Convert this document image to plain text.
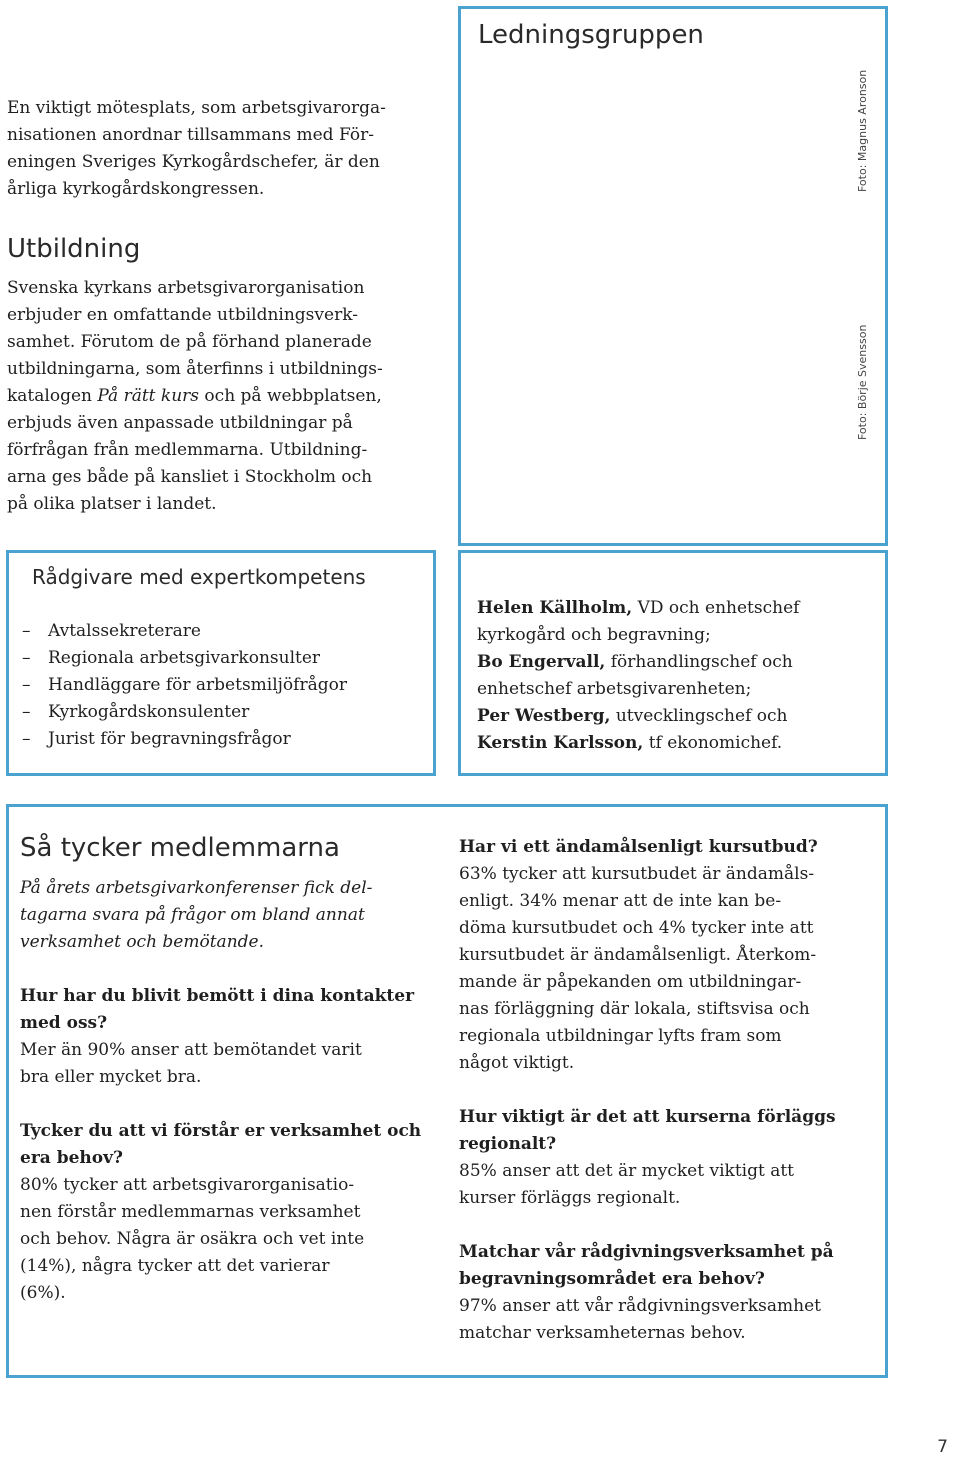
Ledningsgruppen
Foto: Magnus Aronson
Foto: Börje Svensson
En viktigt mötesplats, som arbetsgivarorga-
nisationen anordnar tillsammans med För-
eningen Sveriges Kyrkogårdschefer, är den
årliga kyrkogårdskongressen.
Utbildning
Svenska kyrkans arbetsgivarorganisation
erbjuder en omfattande utbildningsverk-
samhet. Förutom de på förhand planerade
utbildningarna, som återfinns i utbildnings-
katalogen På rätt kurs och på webbplatsen,
erbjuds även anpassade utbildningar på
förfrågan från medlemmarna. Utbildning-
arna ges både på kansliet i Stockholm och
på olika platser i landet.
Rådgivare med expertkompetens
– Avtalssekreterare
– Regionala arbetsgivarkonsulter
– Handläggare för arbetsmiljöfrågor
– Kyrkogårdskonsulenter
– Jurist för begravningsfrågor
Helen Källholm, VD och enhetschef
kyrkogård och begravning;
Bo Engervall, förhandlingschef och
enhetschef arbetsgivarenheten;
Per Westberg, utvecklingschef och
Kerstin Karlsson, tf ekonomichef.
Så tycker medlemmarna
På årets arbetsgivarkonferenser fick del-
tagarna svara på frågor om bland annat
verksamhet och bemötande.
Hur har du blivit bemött i dina kontakter
med oss?
Mer än 90% anser att bemötandet varit
bra eller mycket bra.
Tycker du att vi förstår er verksamhet och
era behov?
80% tycker att arbetsgivarorganisatio-
nen förstår medlemmarnas verksamhet
och behov. Några är osäkra och vet inte
(14%), några tycker att det varierar
(6%).
Har vi ett ändamålsenligt kursutbud?
63% tycker att kursutbudet är ändamåls-
enligt. 34% menar att de inte kan be-
döma kursutbudet och 4% tycker inte att
kursutbudet är ändamålsenligt. Återkom-
mande är påpekanden om utbildningar-
nas förläggning där lokala, stiftsvisa och
regionala utbildningar lyfts fram som
något viktigt.
Hur viktigt är det att kurserna förläggs
regionalt?
85% anser att det är mycket viktigt att
kurser förläggs regionalt.
Matchar vår rådgivningsverksamhet på
begravningsområdet era behov?
97% anser att vår rådgivningsverksamhet
matchar verksamheternas behov.
7
